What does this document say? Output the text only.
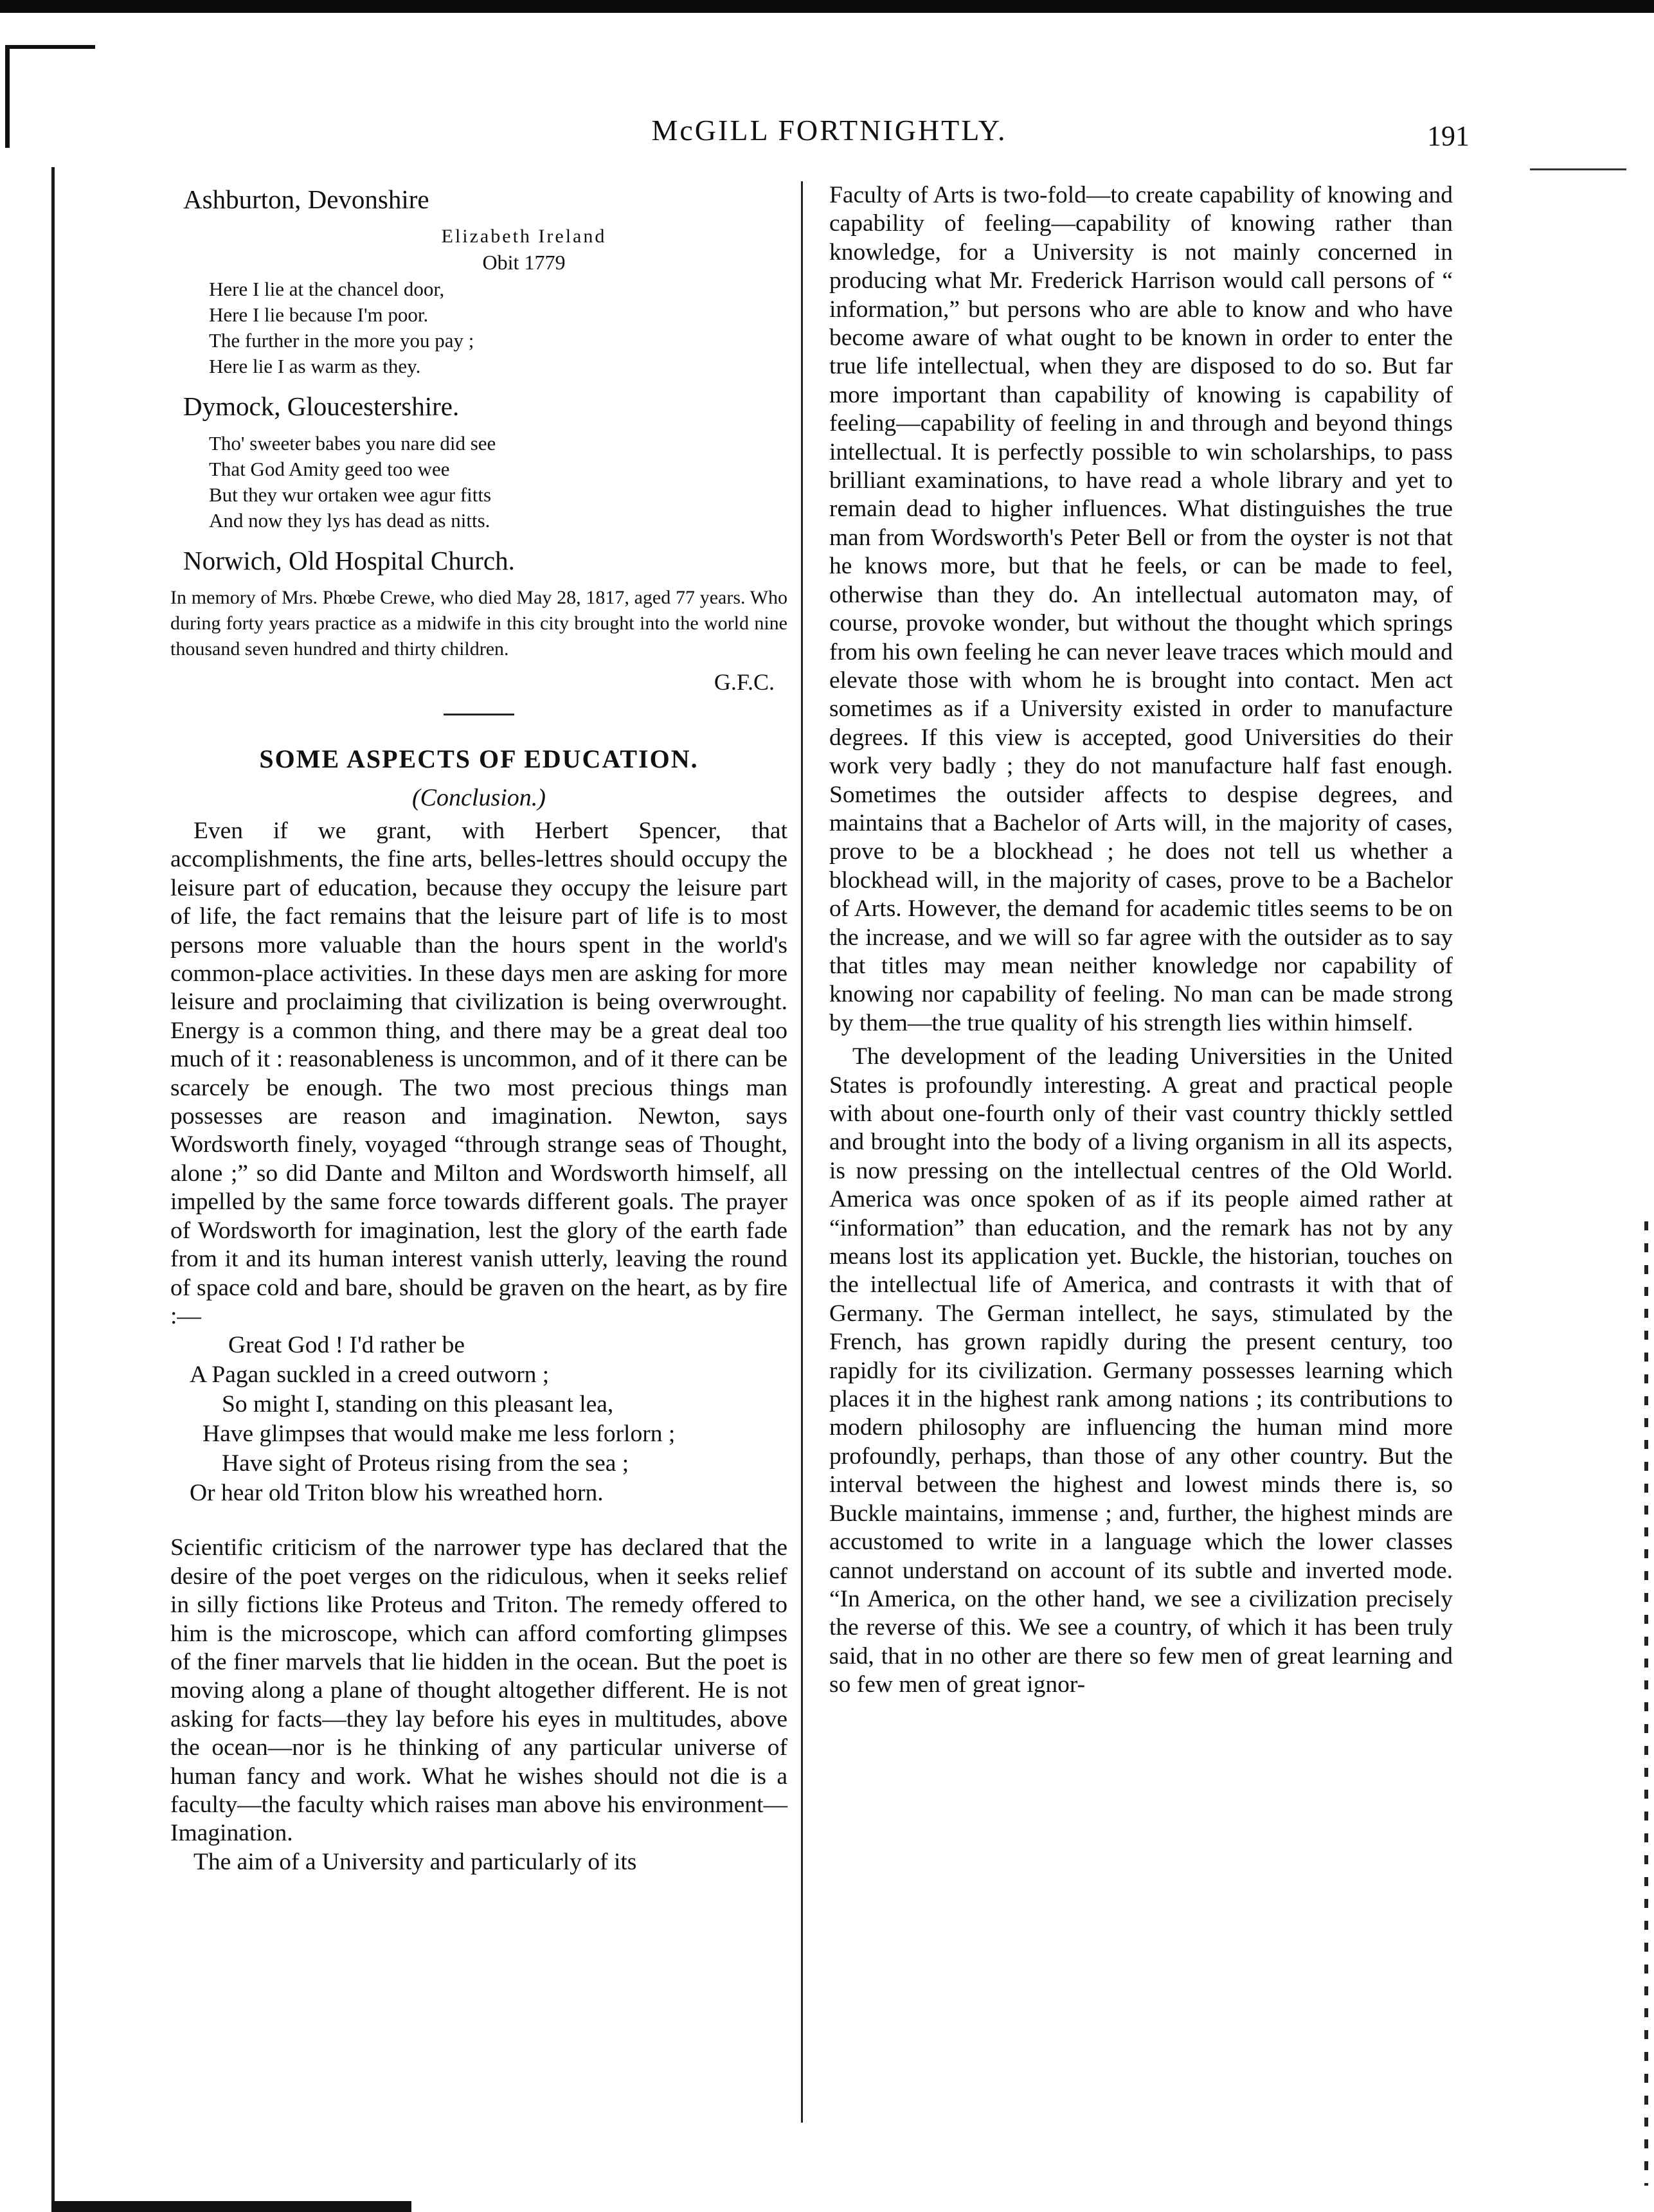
McGILL FORTNIGHTLY.	191
Ashburton, Devonshire
Elizabeth Ireland
Obit 1779
Here I lie at the chancel door,
Here I lie because I'm poor.
The further in the more you pay ;
Here lie I as warm as they.
Dymock, Gloucestershire.
Tho' sweeter babes you nare did see
That God Amity geed too wee
But they wur ortaken wee agur fitts
And now they lys has dead as nitts.
Norwich, Old Hospital Church.

In memory of Mrs. Phœbe Crewe, who died May 28, 1817, aged 77 years. Who during forty years practice as a midwife in this city brought into the world nine thousand seven hundred and thirty children.

G.F.C.
SOME ASPECTS OF EDUCATION.
(Conclusion.)

Even if we grant, with Herbert Spencer, that accomplishments, the fine arts, belles-lettres should occupy the leisure part of education, because they occupy the leisure part of life, the fact remains that the leisure part of life is to most persons more valuable than the hours spent in the world's common-place activities. In these days men are asking for more leisure and proclaiming that civilization is being overwrought. Energy is a common thing, and there may be a great deal too much of it : reasonableness is uncommon, and of it there can be scarcely be enough. The two most precious things man possesses are reason and imagination. Newton, says Wordsworth finely, voyaged “through strange seas of Thought, alone ;” so did Dante and Milton and Wordsworth himself, all impelled by the same force towards different goals. The prayer of Wordsworth for imagination, lest the glory of the earth fade from it and its human interest vanish utterly, leaving the round of space cold and bare, should be graven on the heart, as by fire :—

Great God ! I'd rather be
A Pagan suckled in a creed outworn ;
So might I, standing on this pleasant lea,
Have glimpses that would make me less forlorn ;
Have sight of Proteus rising from the sea ;
Or hear old Triton blow his wreathed horn.

Scientific criticism of the narrower type has declared that the desire of the poet verges on the ridiculous, when it seeks relief in silly fictions like Proteus and Triton. The remedy offered to him is the microscope, which can afford comforting glimpses of the finer marvels that lie hidden in the ocean. But the poet is moving along a plane of thought altogether different. He is not asking for facts—they lay before his eyes in multitudes, above the ocean—nor is he thinking of any particular universe of human fancy and work. What he wishes should not die is a faculty—the faculty which raises man above his environment—Imagination.

The aim of a University and particularly of its

Faculty of Arts is two-fold—to create capability of knowing and capability of feeling—capability of knowing rather than knowledge, for a University is not mainly concerned in producing what Mr. Frederick Harrison would call persons of “ information,” but persons who are able to know and who have become aware of what ought to be known in order to enter the true life intellectual, when they are disposed to do so. But far more important than capability of knowing is capability of feeling—capability of feeling in and through and beyond things intellectual. It is perfectly possible to win scholarships, to pass brilliant examinations, to have read a whole library and yet to remain dead to higher influences. What distinguishes the true man from Wordsworth's Peter Bell or from the oyster is not that he knows more, but that he feels, or can be made to feel, otherwise than they do. An intellectual automaton may, of course, provoke wonder, but without the thought which springs from his own feeling he can never leave traces which mould and elevate those with whom he is brought into contact. Men act sometimes as if a University existed in order to manufacture degrees. If this view is accepted, good Universities do their work very badly ; they do not manufacture half fast enough. Sometimes the outsider affects to despise degrees, and maintains that a Bachelor of Arts will, in the majority of cases, prove to be a blockhead ; he does not tell us whether a blockhead will, in the majority of cases, prove to be a Bachelor of Arts. However, the demand for academic titles seems to be on the increase, and we will so far agree with the outsider as to say that titles may mean neither knowledge nor capability of knowing nor capability of feeling. No man can be made strong by them—the true quality of his strength lies within himself.

The development of the leading Universities in the United States is profoundly interesting. A great and practical people with about one-fourth only of their vast country thickly settled and brought into the body of a living organism in all its aspects, is now pressing on the intellectual centres of the Old World. America was once spoken of as if its people aimed rather at “information” than education, and the remark has not by any means lost its application yet. Buckle, the historian, touches on the intellectual life of America, and contrasts it with that of Germany. The German intellect, he says, stimulated by the French, has grown rapidly during the present century, too rapidly for its civilization. Germany possesses learning which places it in the highest rank among nations ; its contributions to modern philosophy are influencing the human mind more profoundly, perhaps, than those of any other country. But the interval between the highest and lowest minds there is, so Buckle maintains, immense ; and, further, the highest minds are accustomed to write in a language which the lower classes cannot understand on account of its subtle and inverted mode. “In America, on the other hand, we see a civilization precisely the reverse of this. We see a country, of which it has been truly said, that in no other are there so few men of great learning and so few men of great ignor-
